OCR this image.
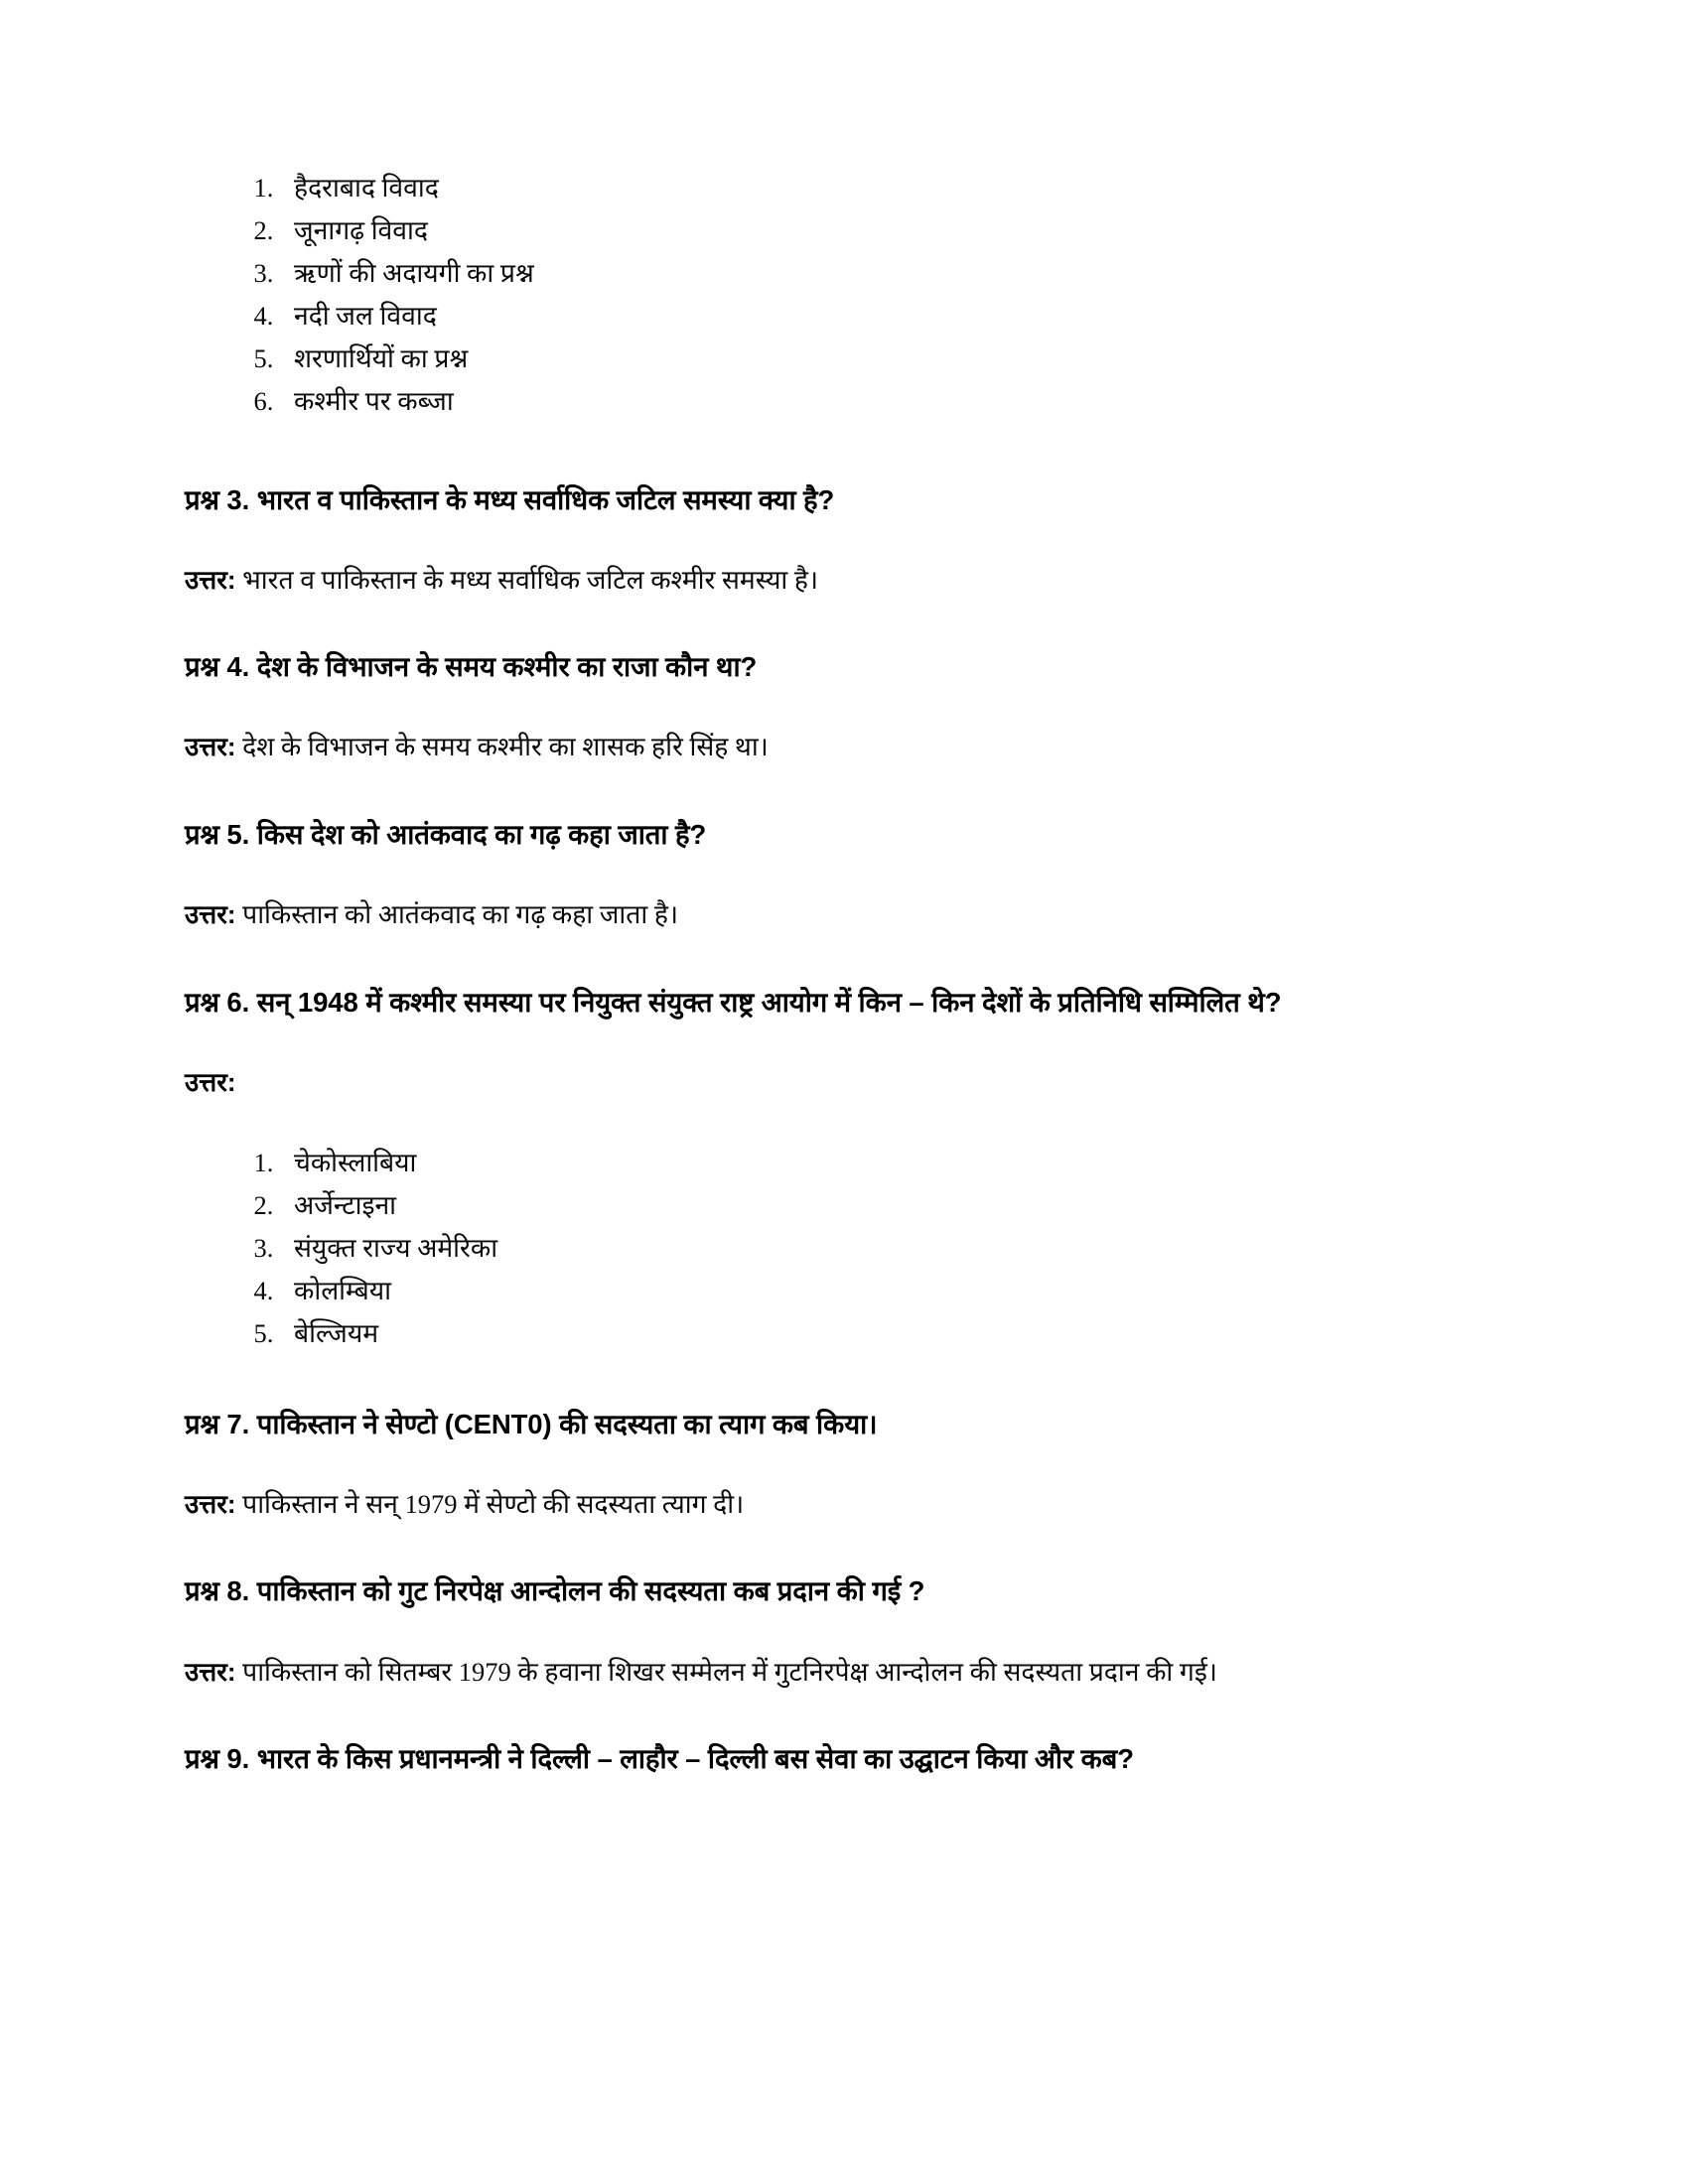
1. हैदराबाद विवाद
2. जूनागढ़ विवाद
3. ऋणों की अदायगी का प्रश्न
4. नदी जल विवाद
5. शरणार्थियों का प्रश्न
6. कश्मीर पर कब्जा

प्रश्न 3. भारत व पाकिस्तान के मध्य सर्वाधिक जटिल समस्या क्या है?

उत्तर: भारत व पाकिस्तान के मध्य सर्वाधिक जटिल कश्मीर समस्या है।

प्रश्न 4. देश के विभाजन के समय कश्मीर का राजा कौन था?

उत्तर: देश के विभाजन के समय कश्मीर का शासक हरि सिंह था।

प्रश्न 5. किस देश को आतंकवाद का गढ़ कहा जाता है?

उत्तर: पाकिस्तान को आतंकवाद का गढ़ कहा जाता है।

प्रश्न 6. सन् 1948 में कश्मीर समस्या पर नियुक्त संयुक्त राष्ट्र आयोग में किन – किन देशों के प्रतिनिधि सम्मिलित थे?

उत्तर:

1. चेकोस्लाबिया
2. अर्जेन्टाइना
3. संयुक्त राज्य अमेरिका
4. कोलम्बिया
5. बेल्जियम

प्रश्न 7. पाकिस्तान ने सेण्टो (CENT0) की सदस्यता का त्याग कब किया।

उत्तर: पाकिस्तान ने सन् 1979 में सेण्टो की सदस्यता त्याग दी।

प्रश्न 8. पाकिस्तान को गुट निरपेक्ष आन्दोलन की सदस्यता कब प्रदान की गई ?

उत्तर: पाकिस्तान को सितम्बर 1979 के हवाना शिखर सम्मेलन में गुटनिरपेक्ष आन्दोलन की सदस्यता प्रदान की गई।

प्रश्न 9. भारत के किस प्रधानमन्त्री ने दिल्ली – लाहौर – दिल्ली बस सेवा का उद्घाटन किया और कब?
